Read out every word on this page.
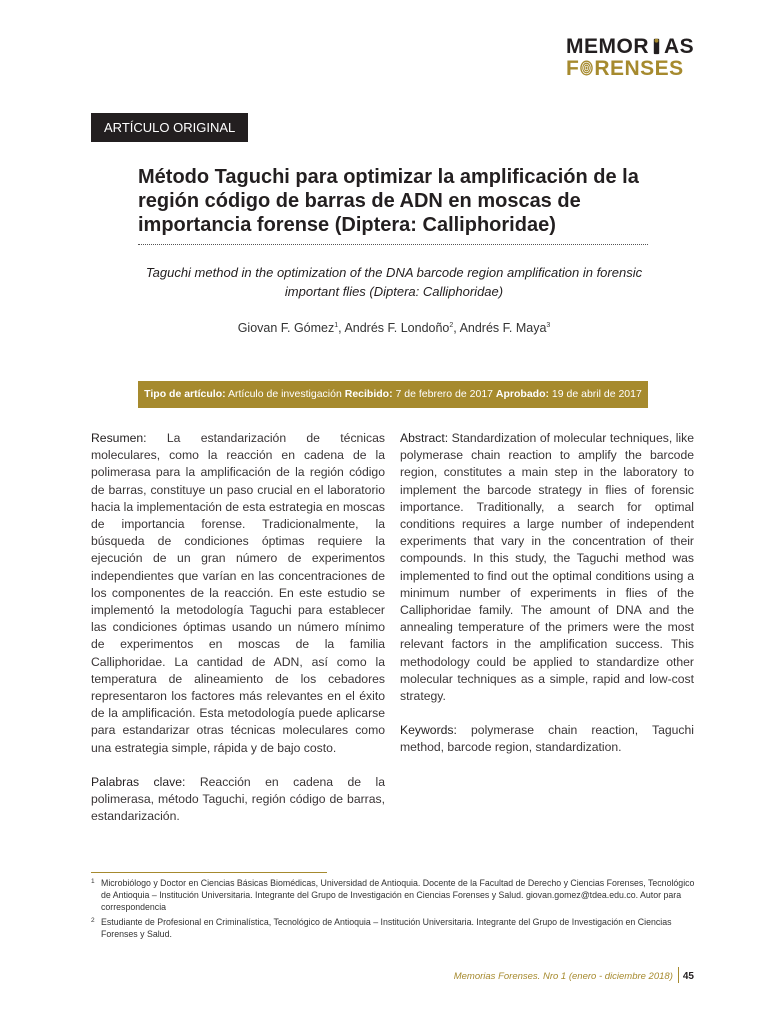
MEMOR AS
F RENSES
ARTÍCULO ORIGINAL
Método Taguchi para optimizar la amplificación de la región código de barras de ADN en moscas de importancia forense (Diptera: Calliphoridae)

Taguchi method in the optimization of the DNA barcode region amplification in forensic important flies (Diptera: Calliphoridae)

Giovan F. Gómez$^1$, Andrés F. Londoño$^2$, Andrés F. Maya$^3$
Tipo de artículo: Artículo de investigación Recibido: 7 de febrero de 2017 Aprobado: 19 de abril de 2017

Resumen: La estandarización de técnicas moleculares, como la reacción en cadena de la polimerasa para la amplificación de la región código de barras, constituye un paso crucial en el laboratorio hacia la implementación de esta estrategia en moscas de importancia forense. Tradicionalmente, la búsqueda de condiciones óptimas requiere la ejecución de un gran número de experimentos independientes que varían en las concentraciones de los componentes de la reacción. En este estudio se implementó la metodología Taguchi para establecer las condiciones óptimas usando un número mínimo de experimentos en moscas de la familia Calliphoridae. La cantidad de ADN, así como la temperatura de alineamiento de los cebadores representaron los factores más relevantes en el éxito de la amplificación. Esta metodología puede aplicarse para estandarizar otras técnicas moleculares como una estrategia simple, rápida y de bajo costo.

Palabras clave: Reacción en cadena de la polimerasa, método Taguchi, región código de barras, estandarización.

Abstract: Standardization of molecular techniques, like polymerase chain reaction to amplify the barcode region, constitutes a main step in the laboratory to implement the barcode strategy in flies of forensic importance. Traditionally, a search for optimal conditions requires a large number of independent experiments that vary in the concentration of their compounds. In this study, the Taguchi method was implemented to find out the optimal conditions using a minimum number of experiments in flies of the Calliphoridae family. The amount of DNA and the annealing temperature of the primers were the most relevant factors in the amplification success. This methodology could be applied to standardize other molecular techniques as a simple, rapid and low-cost strategy.

Keywords: polymerase chain reaction, Taguchi method, barcode region, standardization.

1 Microbiólogo y Doctor en Ciencias Básicas Biomédicas, Universidad de Antioquia. Docente de la Facultad de Derecho y Ciencias Forenses, Tecnológico de Antioquia – Institución Universitaria. Integrante del Grupo de Investigación en Ciencias Forenses y Salud. giovan.gomez@tdea.edu.co. Autor para correspondencia
2 Estudiante de Profesional en Criminalística, Tecnológico de Antioquia – Institución Universitaria. Integrante del Grupo de Investigación en Ciencias Forenses y Salud.
Memorias Forenses. Nro 1 (enero - diciembre 2018) 45
